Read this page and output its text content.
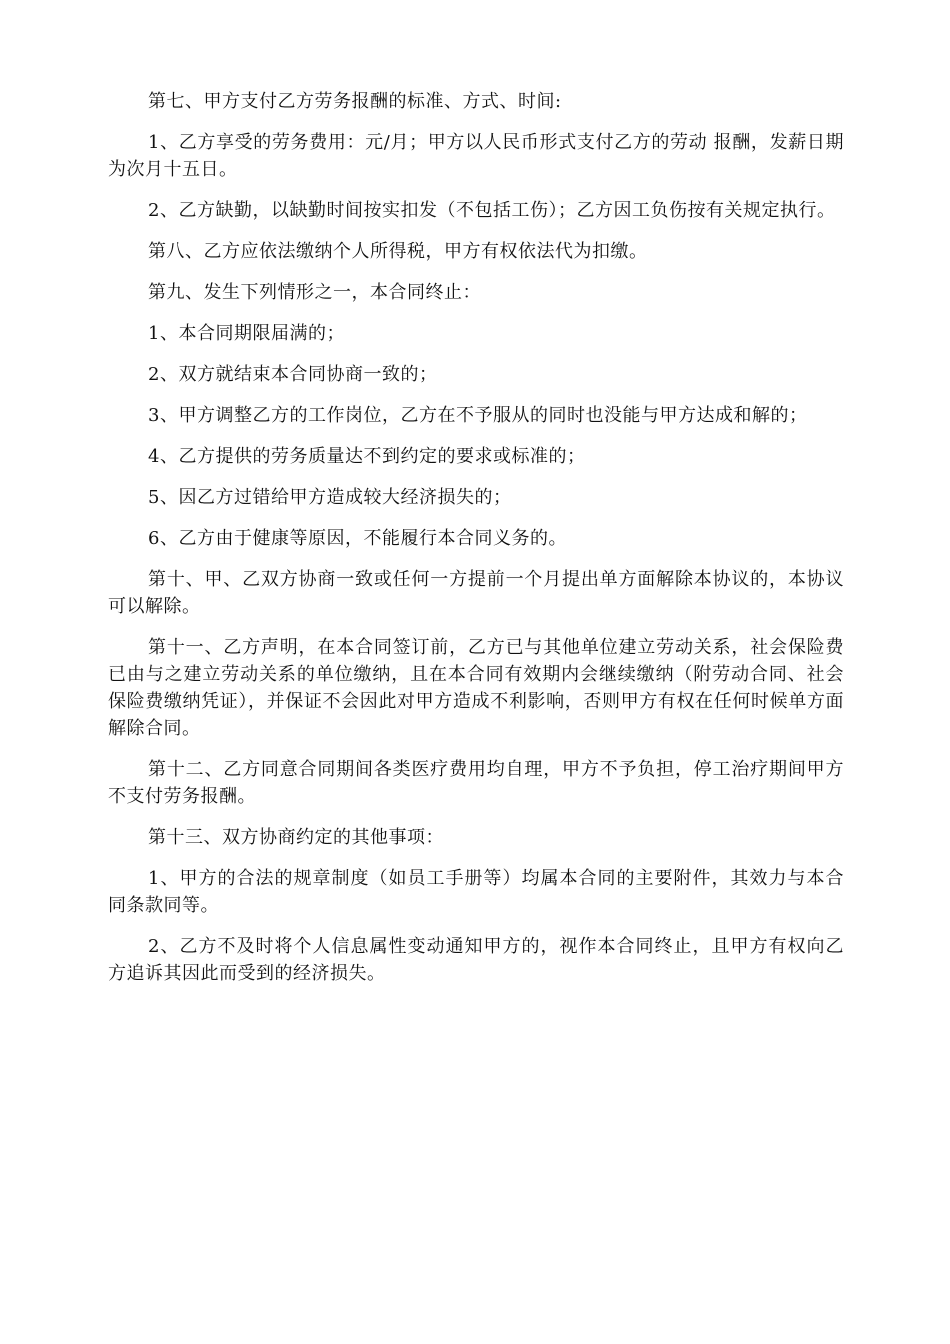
第七、甲方支付乙方劳务报酬的标准、方式、时间:

1、乙方享受的劳务费用：元/月；甲方以人民币形式支付乙方的劳动 报酬，发薪日期为次月十五日。

2、乙方缺勤，以缺勤时间按实扣发（不包括工伤）；乙方因工负伤按有关规定执行。

第八、乙方应依法缴纳个人所得税，甲方有权依法代为扣缴。

第九、发生下列情形之一，本合同终止：

1、本合同期限届满的；

2、双方就结束本合同协商一致的；

3、甲方调整乙方的工作岗位，乙方在不予服从的同时也没能与甲方达成和解的；

4、乙方提供的劳务质量达不到约定的要求或标准的；

5、因乙方过错给甲方造成较大经济损失的；

6、乙方由于健康等原因，不能履行本合同义务的。

第十、甲、乙双方协商一致或任何一方提前一个月提出单方面解除本协议的，本协议可以解除。

第十一、乙方声明，在本合同签订前，乙方已与其他单位建立劳动关系，社会保险费已由与之建立劳动关系的单位缴纳，且在本合同有效期内会继续缴纳（附劳动合同、社会保险费缴纳凭证），并保证不会因此对甲方造成不利影响，否则甲方有权在任何时候单方面解除合同。

第十二、乙方同意合同期间各类医疗费用均自理，甲方不予负担，停工治疗期间甲方不支付劳务报酬。

第十三、双方协商约定的其他事项：

1、甲方的合法的规章制度（如员工手册等）均属本合同的主要附件，其效力与本合同条款同等。

2、乙方不及时将个人信息属性变动通知甲方的，视作本合同终止，且甲方有权向乙方追诉其因此而受到的经济损失。
